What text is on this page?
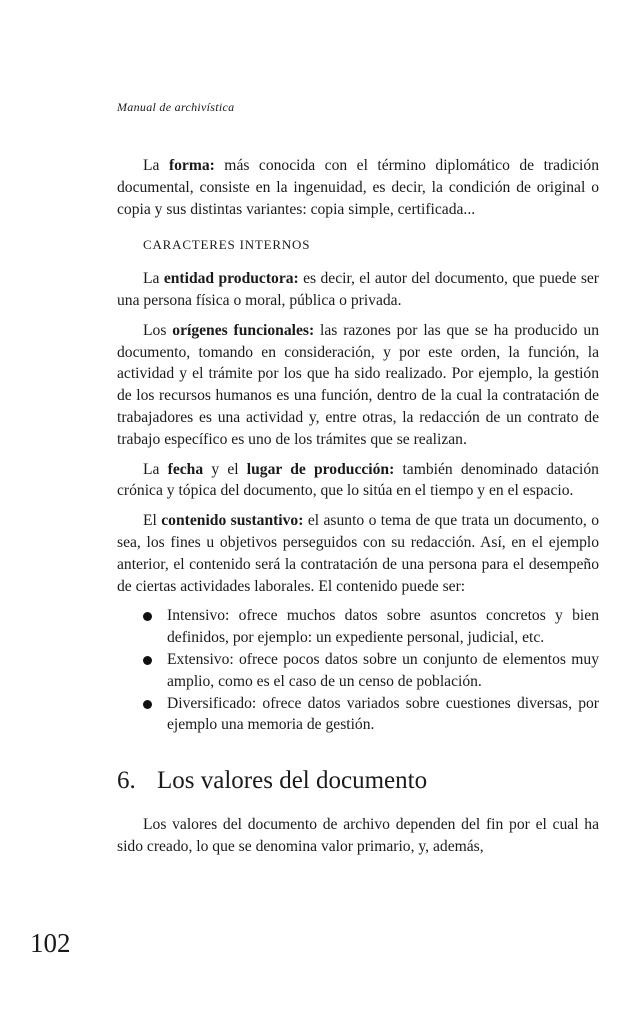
Manual de archivística

La forma: más conocida con el término diplomático de tradición documental, consiste en la ingenuidad, es decir, la condición de original o copia y sus distintas variantes: copia simple, certificada...

CARACTERES INTERNOS

La entidad productora: es decir, el autor del documento, que puede ser una persona física o moral, pública o privada.

Los orígenes funcionales: las razones por las que se ha producido un documento, tomando en consideración, y por este orden, la función, la actividad y el trámite por los que ha sido realizado. Por ejemplo, la gestión de los recursos humanos es una función, dentro de la cual la contratación de trabajadores es una actividad y, entre otras, la redacción de un contrato de trabajo específico es uno de los trámites que se realizan.

La fecha y el lugar de producción: también denominado datación crónica y tópica del documento, que lo sitúa en el tiempo y en el espacio.

El contenido sustantivo: el asunto o tema de que trata un documento, o sea, los fines u objetivos perseguidos con su redacción. Así, en el ejemplo anterior, el contenido será la contratación de una persona para el desempeño de ciertas actividades laborales. El contenido puede ser:

Intensivo: ofrece muchos datos sobre asuntos concretos y bien definidos, por ejemplo: un expediente personal, judicial, etc.
Extensivo: ofrece pocos datos sobre un conjunto de elementos muy amplio, como es el caso de un censo de población.
Diversificado: ofrece datos variados sobre cuestiones diversas, por ejemplo una memoria de gestión.
6. Los valores del documento

Los valores del documento de archivo dependen del fin por el cual ha sido creado, lo que se denomina valor primario, y, además,

102
